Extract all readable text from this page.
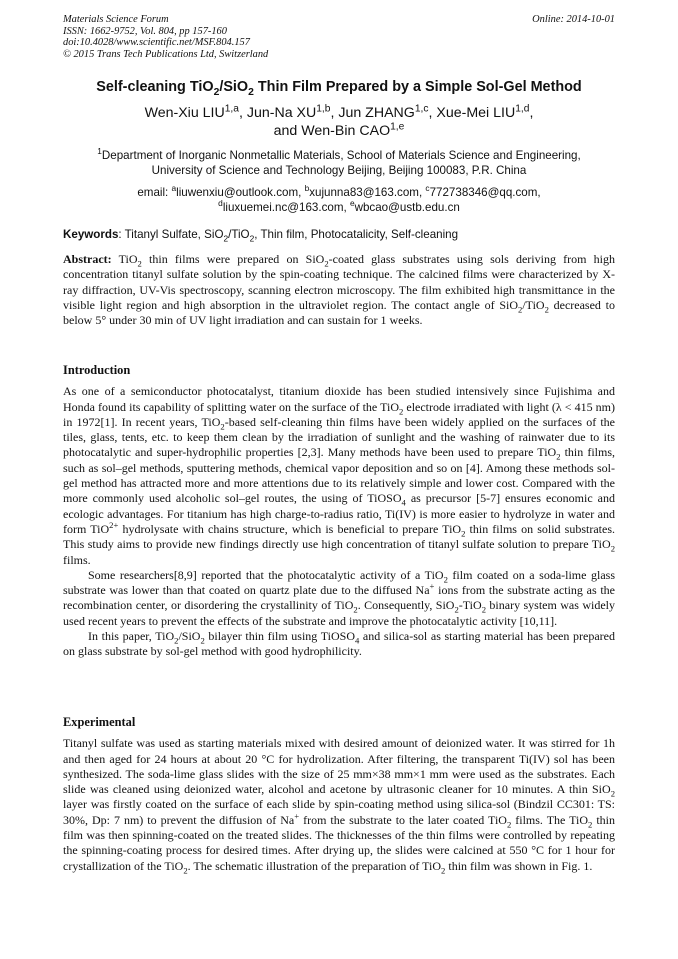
Materials Science Forum
ISSN: 1662-9752, Vol. 804, pp 157-160
doi:10.4028/www.scientific.net/MSF.804.157
© 2015 Trans Tech Publications Ltd, Switzerland
Online: 2014-10-01
Self-cleaning TiO$_2$/SiO$_2$ Thin Film Prepared by a Simple Sol-Gel Method
Wen-Xiu LIU$^{1,a}$, Jun-Na XU$^{1,b}$, Jun ZHANG$^{1,c}$, Xue-Mei LIU$^{1,d}$,
and Wen-Bin CAO$^{1,e}$
$^1$Department of Inorganic Nonmetallic Materials, School of Materials Science and Engineering,
University of Science and Technology Beijing, Beijing 100083, P.R. China
email: $^a$liuwenxiu@outlook.com, $^b$xujunna83@163.com, $^c$772738346@qq.com,
$^d$liuxuemei.nc@163.com, $^e$wbcao@ustb.edu.cn
Keywords: Titanyl Sulfate, SiO$_2$/TiO$_2$, Thin film, Photocatalicity, Self-cleaning

Abstract: TiO$_2$ thin films were prepared on SiO$_2$-coated glass substrates using sols deriving from high concentration titanyl sulfate solution by the spin-coating technique. The calcined films were characterized by X-ray diffraction, UV-Vis spectroscopy, scanning electron microscopy. The film exhibited high transmittance in the visible light region and high absorption in the ultraviolet region. The contact angle of SiO$_2$/TiO$_2$ decreased to below 5° under 30 min of UV light irradiation and can sustain for 1 weeks.

Introduction

As one of a semiconductor photocatalyst, titanium dioxide has been studied intensively since Fujishima and Honda found its capability of splitting water on the surface of the TiO$_2$ electrode irradiated with light (λ < 415 nm) in 1972[1]. In recent years, TiO$_2$-based self-cleaning thin films have been widely applied on the surfaces of the tiles, glass, tents, etc. to keep them clean by the irradiation of sunlight and the washing of rainwater due to its photocatalytic and super-hydrophilic properties [2,3]. Many methods have been used to prepare TiO$_2$ thin films, such as sol–gel methods, sputtering methods, chemical vapor deposition and so on [4]. Among these methods sol-gel method has attracted more and more attentions due to its relatively simple and lower cost. Compared with the more commonly used alcoholic sol–gel routes, the using of TiOSO$_4$ as precursor [5-7] ensures economic and ecologic advantages. For titanium has high charge-to-radius ratio, Ti(IV) is more easier to hydrolyze in water and form TiO$^{2+}$ hydrolysate with chains structure, which is beneficial to prepare TiO$_2$ thin films on solid substrates. This study aims to provide new findings directly use high concentration of titanyl sulfate solution to prepare TiO$_2$ films.

Some researchers[8,9] reported that the photocatalytic activity of a TiO$_2$ film coated on a soda-lime glass substrate was lower than that coated on quartz plate due to the diffused Na+ ions from the substrate acting as the recombination center, or disordering the crystallinity of TiO$_2$. Consequently, SiO$_2$-TiO$_2$ binary system was widely used recent years to prevent the effects of the substrate and improve the photocatalytic activity [10,11].

In this paper, TiO$_2$/SiO$_2$ bilayer thin film using TiOSO$_4$ and silica-sol as starting material has been prepared on glass substrate by sol-gel method with good hydrophilicity.

Experimental

Titanyl sulfate was used as starting materials mixed with desired amount of deionized water. It was stirred for 1h and then aged for 24 hours at about 20 °C for hydrolization. After filtering, the transparent Ti(IV) sol has been synthesized. The soda-lime glass slides with the size of 25 mm×38 mm×1 mm were used as the substrates. Each slide was cleaned using deionized water, alcohol and acetone by ultrasonic cleaner for 10 minutes. A thin SiO$_2$ layer was firstly coated on the surface of each slide by spin-coating method using silica-sol (Bindzil CC301: TS: 30%, Dp: 7 nm) to prevent the diffusion of Na+ from the substrate to the later coated TiO$_2$ films. The TiO$_2$ thin film was then spinning-coated on the treated slides. The thicknesses of the thin films were controlled by repeating the spinning-coating process for desired times. After drying up, the slides were calcined at 550 °C for 1 hour for crystallization of the TiO$_2$. The schematic illustration of the preparation of TiO$_2$ thin film was shown in Fig. 1.
